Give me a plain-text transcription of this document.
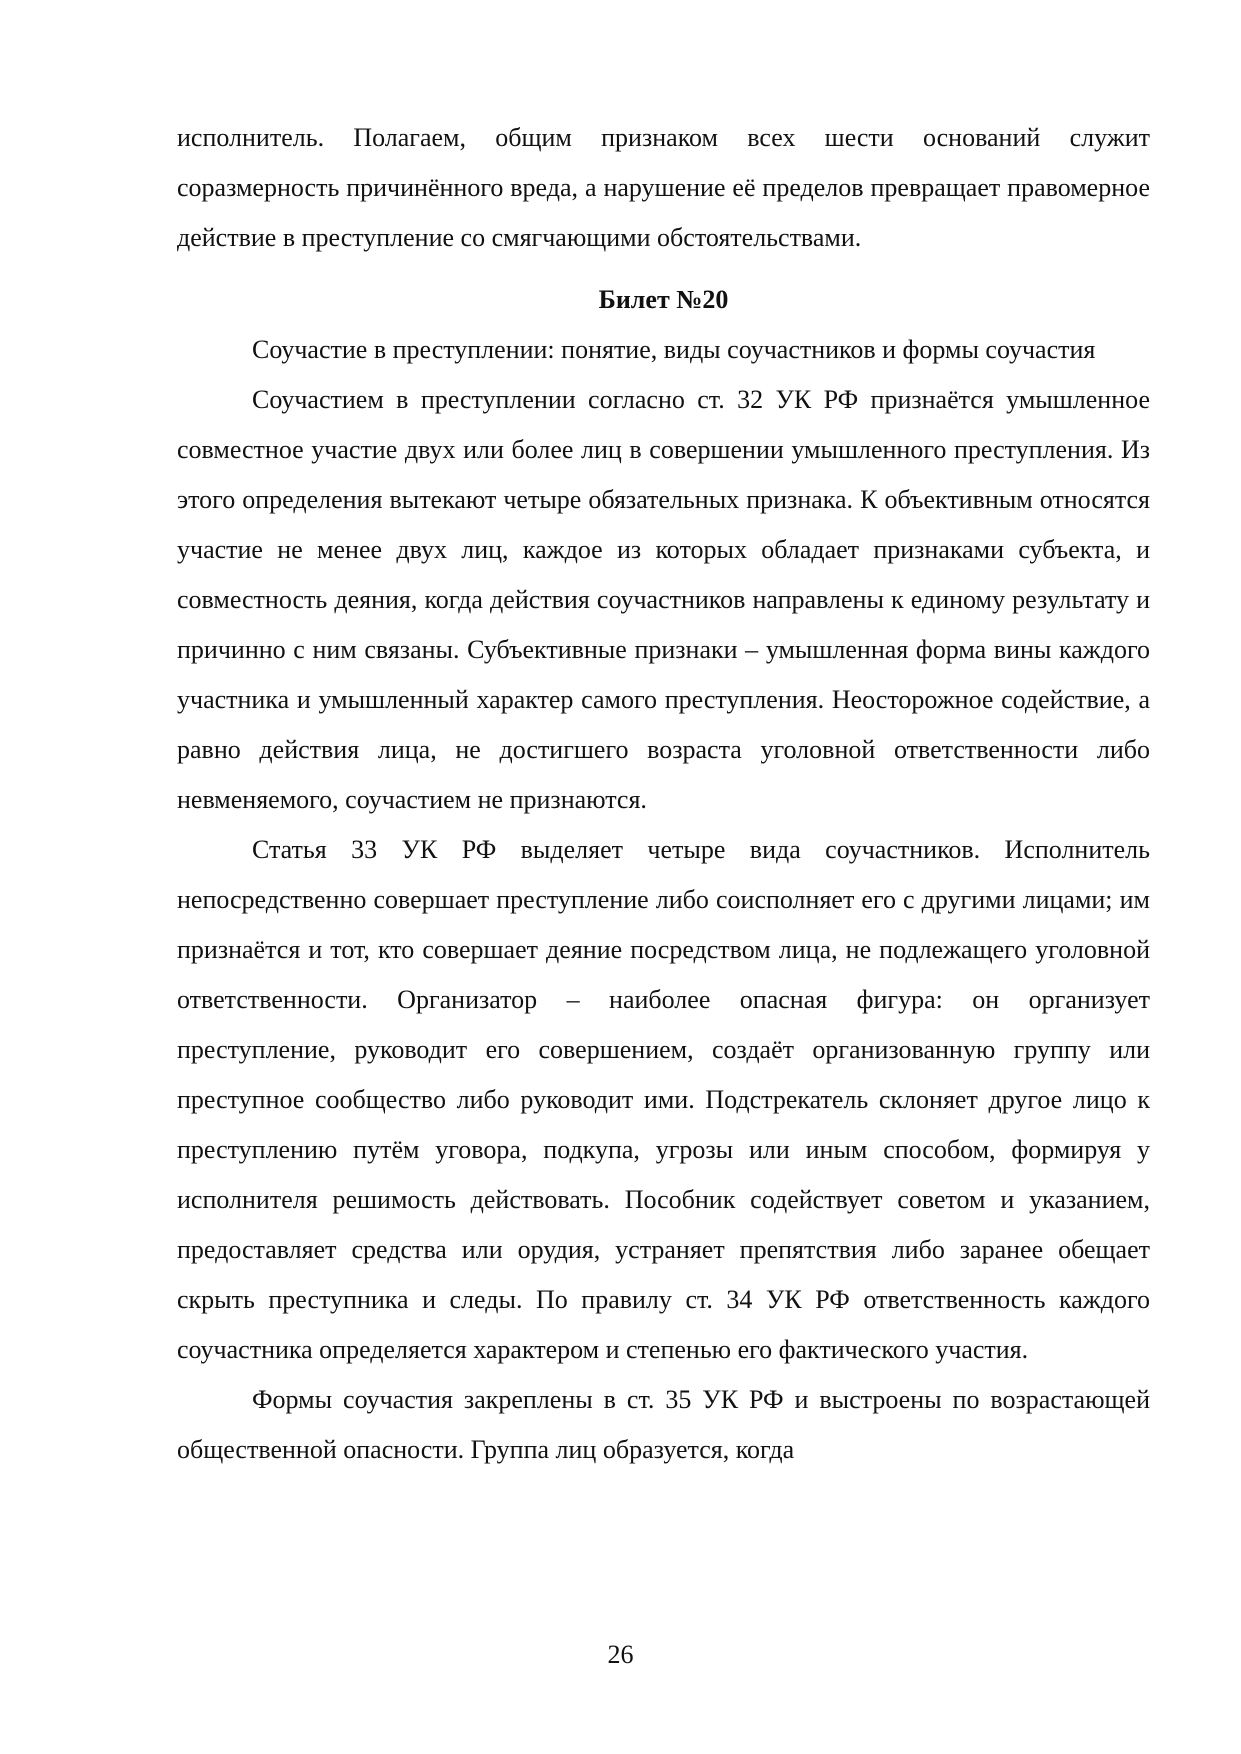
исполнитель. Полагаем, общим признаком всех шести оснований служит соразмерность причинённого вреда, а нарушение её пределов превращает правомерное действие в преступление со смягчающими обстоятельствами.

Билет №20

Соучастие в преступлении: понятие, виды соучастников и формы соучастия

Соучастием в преступлении согласно ст. 32 УК РФ признаётся умышленное совместное участие двух или более лиц в совершении умышленного преступления. Из этого определения вытекают четыре обязательных признака. К объективным относятся участие не менее двух лиц, каждое из которых обладает признаками субъекта, и совместность деяния, когда действия соучастников направлены к единому результату и причинно с ним связаны. Субъективные признаки – умышленная форма вины каждого участника и умышленный характер самого преступления. Неосторожное содействие, а равно действия лица, не достигшего возраста уголовной ответственности либо невменяемого, соучастием не признаются.

Статья 33 УК РФ выделяет четыре вида соучастников. Исполнитель непосредственно совершает преступление либо соисполняет его с другими лицами; им признаётся и тот, кто совершает деяние посредством лица, не подлежащего уголовной ответственности. Организатор – наиболее опасная фигура: он организует преступление, руководит его совершением, создаёт организованную группу или преступное сообщество либо руководит ими. Подстрекатель склоняет другое лицо к преступлению путём уговора, подкупа, угрозы или иным способом, формируя у исполнителя решимость действовать. Пособник содействует советом и указанием, предоставляет средства или орудия, устраняет препятствия либо заранее обещает скрыть преступника и следы. По правилу ст. 34 УК РФ ответственность каждого соучастника определяется характером и степенью его фактического участия.

Формы соучастия закреплены в ст. 35 УК РФ и выстроены по возрастающей общественной опасности. Группа лиц образуется, когда

26
